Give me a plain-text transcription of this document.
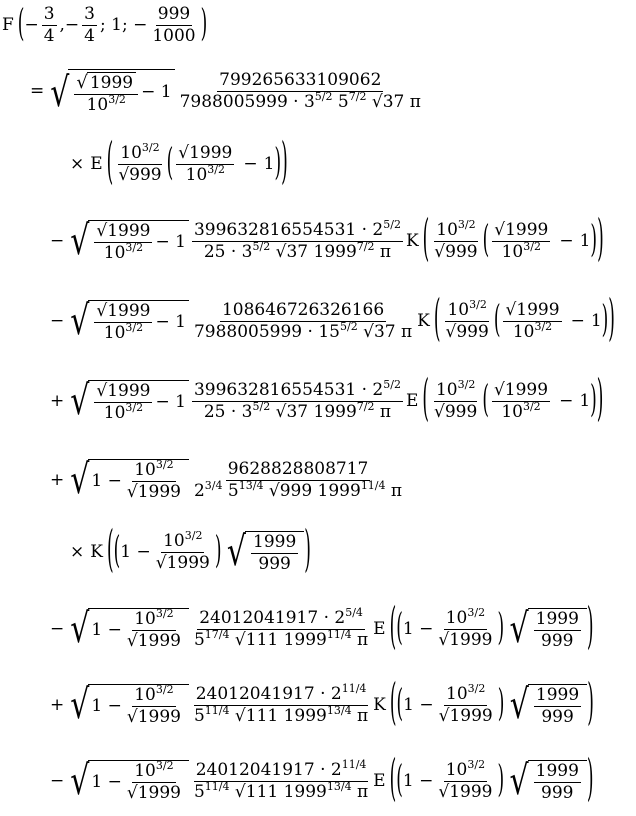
F ( − $\frac{3}{4}$ , − $\frac{3}{4}$ ; 1 ; − $\frac{999}{1000}$ )
= √ $\frac{√ 1999}{10^{3/2}}$ −
$1 \frac{799265633109062}{7988005999 \cdot 3^{5/2} 5^{7/2} √37 \pi}$
× E ( $\frac{10^{3/2}}{√999}$ ( $\frac{√1999}{10^{3/2}} - 1$ ) )
− √ $\frac{√1999}{10^{3/2}}$ −
$1 \frac{399632816554531 \cdot 2^{5/2}}{25 \cdot 3^{5/2} √37 1999^{7/2} \pi}$ K ( $\frac{10^{3/2}}{√999}$ ( $\frac{√1999}{10^{3/2}} - 1$ ) )
− √ $\frac{√1999}{10^{3/2}}$ −
$1 \frac{108646726326166}{7988005999 \cdot 15^{5/2} √37 \pi}$ K ( $\frac{10^{3/2}}{√999}$ ( $\frac{√1999}{10^{3/2}} - 1$ ) )
+ √ $\frac{√1999}{10^{3/2}}$ −
$1 \frac{399632816554531 \cdot 2^{5/2}}{25 \cdot 3^{5/2} √37 1999^{7/2} \pi}$ E ( $\frac{10^{3/2}}{√999}$ ( $\frac{√1999}{10^{3/2}} - 1$ ) )
+ √ 1
− $\frac{10^{3/2}}{√1999} \frac{9628828808717}{2^{3/4} 5^{13/4} √999 1999^{11/4} \pi}$
× K ( ( 1
− $\frac{10^{3/2}}{√1999}$ )
√ $\frac{1999}{999}$ )
− √ 1
− $\frac{10^{3/2}}{√1999} \frac{24012041917 \cdot 2^{5/4}}{5^{17/4} √111 1999^{11/4} \pi}$ E ( ( 1
− $\frac{10^{3/2}}{√1999}$ )
√ $\frac{1999}{999}$ )
+ √ 1
− $\frac{10^{3/2}}{√1999} \frac{24012041917 \cdot 2^{11/4}}{5^{11/4} √111 1999^{13/4} \pi}$ K ( ( 1
− $\frac{10^{3/2}}{√1999}$ )
√ $\frac{1999}{999}$ )
− √ 1
− $\frac{10^{3/2}}{√1999} \frac{24012041917 \cdot 2^{11/4}}{5^{11/4} √111 1999^{13/4} \pi}$ E ( ( 1
− $\frac{10^{3/2}}{√1999}$ )
√ $\frac{1999}{999}$ )
